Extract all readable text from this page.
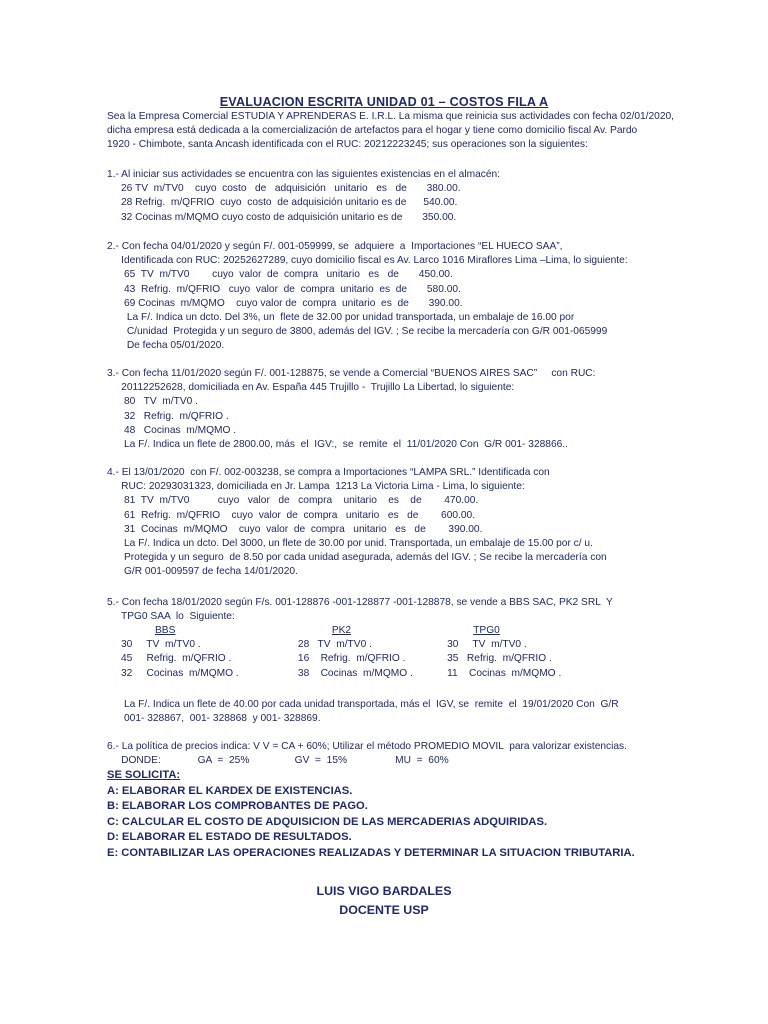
EVALUACION ESCRITA UNIDAD 01 – COSTOS FILA A
Sea la Empresa Comercial ESTUDIA Y APRENDERAS E. I.R.L. La misma que reinicia sus actividades con fecha 02/01/2020,
dicha empresa está dedicada a la comercialización de artefactos para el hogar y tiene como domicilio fiscal Av. Pardo
1920 - Chimbote, santa Ancash identificada con el RUC: 20212223245; sus operaciones son la siguientes:
1.- Al iniciar sus actividades se encuentra con las siguientes existencias en el almacén:
26 TV  m/TV0    cuyo  costo   de   adquisición   unitario   es   de       380.00.
28 Refrig.  m/QFRIO  cuyo  costo  de adquisición unitario es de      540.00.
32 Cocinas m/MQMO cuyo costo de adquisición unitario es de       350.00.
2.- Con fecha 04/01/2020 y según F/. 001-059999, se  adquiere  a  Importaciones “EL HUECO SAA”,
Identificada con RUC: 20252627289, cuyo domicilio fiscal es Av. Larco 1016 Miraflores Lima –Lima, lo siguiente:
65  TV  m/TV0        cuyo  valor  de  compra   unitario   es   de       450.00.
43  Refrig.  m/QFRIO   cuyo  valor  de  compra  unitario  es  de       580.00.
69 Cocinas  m/MQMO    cuyo valor de  compra  unitario  es  de       390.00.
La F/. Indica un dcto. Del 3%, un  flete de 32.00 por unidad transportada, un embalaje de 16.00 por
C/unidad  Protegida y un seguro de 3800, además del IGV. ; Se recibe la mercadería con G/R 001-065999
De fecha 05/01/2020.
3.- Con fecha 11/01/2020 según F/. 001-128875, se vende a Comercial “BUENOS AIRES SAC”     con RUC:
20112252628, domiciliada en Av. España 445 Trujillo -  Trujillo La Libertad, lo siguiente:
80   TV  m/TV0 .
32   Refrig.  m/QFRIO .
48   Cocinas  m/MQMO .
La F/. Indica un flete de 2800.00, más  el  IGV:,  se  remite  el  11/01/2020 Con  G/R 001- 328866..
4.- El 13/01/2020  con F/. 002-003238, se compra a Importaciones “LAMPA SRL.” Identificada con
RUC: 20293031323, domiciliada en Jr. Lampa  1213 La Victoria Lima - Lima, lo siguiente:
81  TV  m/TV0          cuyo   valor   de   compra    unitario    es    de        470.00.
61  Refrig.  m/QFRIO    cuyo  valor  de  compra   unitario   es   de        600.00.
31  Cocinas  m/MQMO    cuyo  valor  de  compra   unitario   es   de        390.00.
La F/. Indica un dcto. Del 3000, un flete de 30.00 por unid. Transportada, un embalaje de 15.00 por c/ u.
Protegida y un seguro  de 8.50 por cada unidad asegurada, además del IGV. ; Se recibe la mercadería con
G/R 001-009597 de fecha 14/01/2020.
5.- Con fecha 18/01/2020 según F/s. 001-128876 -001-128877 -001-128878, se vende a BBS SAC, PK2 SRL  Y
TPG0 SAA  lo  Siguiente:
BBS	PK2	TPG0
30     TV  m/TV0 .	28   TV  m/TV0 .	30     TV  m/TV0 .
45     Refrig.  m/QFRIO .	16    Refrig.  m/QFRIO .	35   Refrig.  m/QFRIO .
32     Cocinas  m/MQMO .	38    Cocinas  m/MQMO .	11    Cocinas  m/MQMO .
La F/. Indica un flete de 40.00 por cada unidad transportada, más el  IGV, se  remite  el  19/01/2020 Con  G/R
001- 328867,  001- 328868  y 001- 328869.
6.- La política de precios indica: V V = CA + 60%; Utilizar el método PROMEDIO MOVIL  para valorizar existencias.
DONDE:             GA  =  25%                GV  =  15%                 MU  =  60%
SE SOLICITA:
A: ELABORAR EL KARDEX DE EXISTENCIAS.
B: ELABORAR LOS COMPROBANTES DE PAGO.
C: CALCULAR EL COSTO DE ADQUISICION DE LAS MERCADERIAS ADQUIRIDAS.
D: ELABORAR EL ESTADO DE RESULTADOS.
E: CONTABILIZAR LAS OPERACIONES REALIZADAS Y DETERMINAR LA SITUACION TRIBUTARIA.
LUIS VIGO BARDALES
DOCENTE USP
